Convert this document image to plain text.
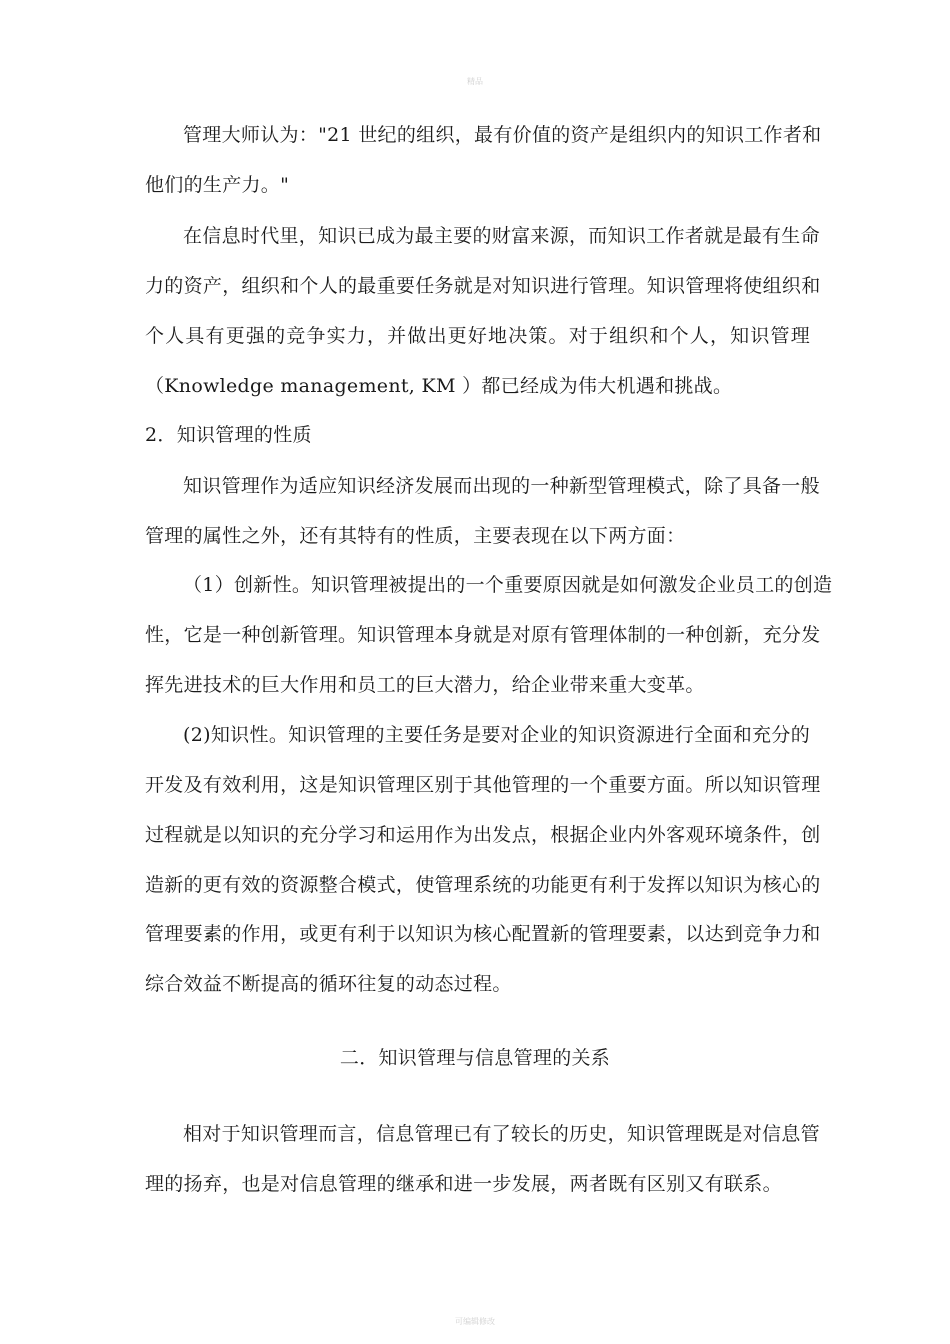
精品
管理大师认为："21 世纪的组织，最有价值的资产是组织内的知识工作者和
他们的生产力。"
在信息时代里，知识已成为最主要的财富来源，而知识工作者就是最有生命
力的资产，组织和个人的最重要任务就是对知识进行管理。知识管理将使组织和
个人具有更强的竞争实力，并做出更好地决策。对于组织和个人，知识管理
（Knowledge management, KM ）都已经成为伟大机遇和挑战。
2．知识管理的性质
知识管理作为适应知识经济发展而出现的一种新型管理模式，除了具备一般
管理的属性之外，还有其特有的性质，主要表现在以下两方面：
（1）创新性。知识管理被提出的一个重要原因就是如何激发企业员工的创造
性，它是一种创新管理。知识管理本身就是对原有管理体制的一种创新，充分发
挥先进技术的巨大作用和员工的巨大潜力，给企业带来重大变革。
(2)知识性。知识管理的主要任务是要对企业的知识资源进行全面和充分的
开发及有效利用，这是知识管理区别于其他管理的一个重要方面。所以知识管理
过程就是以知识的充分学习和运用作为出发点，根据企业内外客观环境条件，创
造新的更有效的资源整合模式，使管理系统的功能更有利于发挥以知识为核心的
管理要素的作用，或更有利于以知识为核心配置新的管理要素，以达到竞争力和
综合效益不断提高的循环往复的动态过程。
二．知识管理与信息管理的关系
相对于知识管理而言，信息管理已有了较长的历史，知识管理既是对信息管
理的扬弃，也是对信息管理的继承和进一步发展，两者既有区别又有联系。
可编辑修改
